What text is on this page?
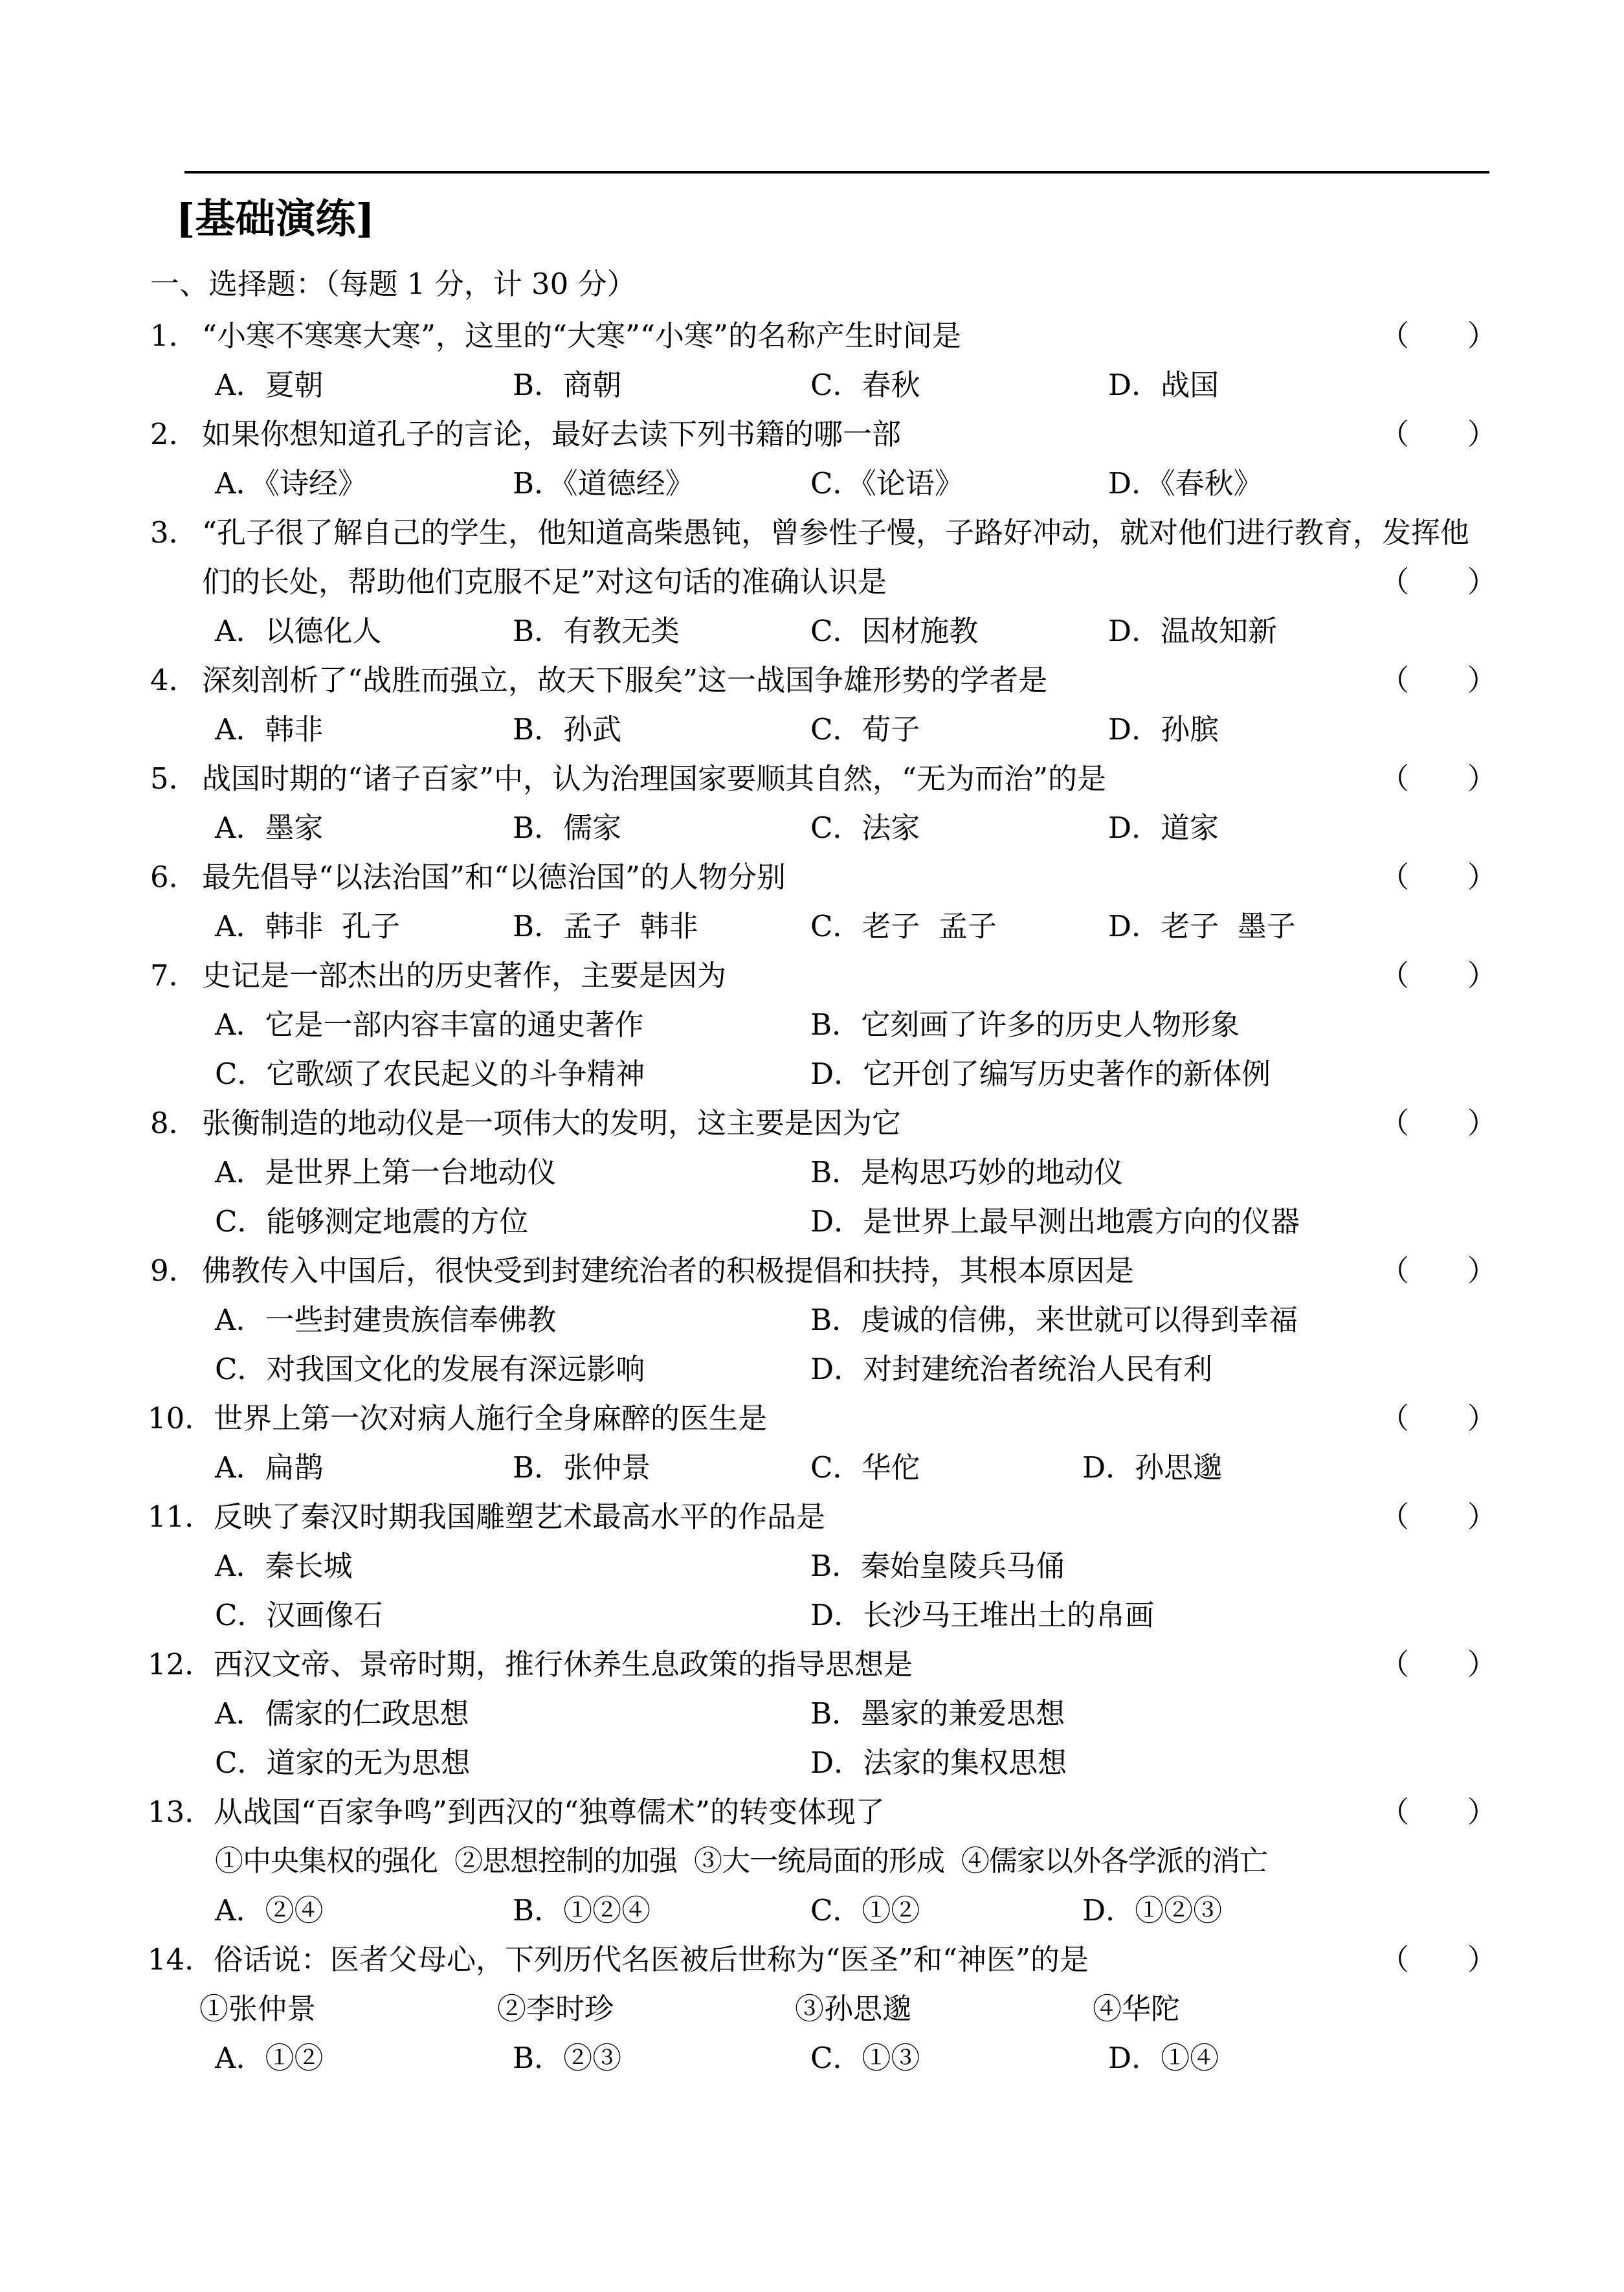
[基础演练]
一、选择题：（每题 1 分，计 30 分）
1． “小寒不寒寒大寒”，这里的“大寒”“小寒”的名称产生时间是	（　　）
A．夏朝	B．商朝	C．春秋	D．战国
2． 如果你想知道孔子的言论，最好去读下列书籍的哪一部	（　　）
A．《诗经》	B．《道德经》	C．《论语》	D．《春秋》
3． “孔子很了解自己的学生，他知道高柴愚钝，曾参性子慢，子路好冲动，就对他们进行教育，发挥他们的长处，帮助他们克服不足”对这句话的准确认识是	（　　）
A．以德化人	B．有教无类	C．因材施教	D．温故知新
4． 深刻剖析了“战胜而强立，故天下服矣”这一战国争雄形势的学者是	（　　）
A．韩非	B．孙武	C．荀子	D．孙膑
5． 战国时期的“诸子百家”中，认为治理国家要顺其自然，“无为而治”的是	（　　）
A．墨家	B．儒家	C．法家	D．道家
6． 最先倡导“以法治国”和“以德治国”的人物分别	（　　）
A．韩非  孔子	B．孟子  韩非	C．老子  孟子	D．老子  墨子
7． 史记是一部杰出的历史著作，主要是因为	（　　）
A．它是一部内容丰富的通史著作	B．它刻画了许多的历史人物形象
C．它歌颂了农民起义的斗争精神	D．它开创了编写历史著作的新体例
8． 张衡制造的地动仪是一项伟大的发明，这主要是因为它	（　　）
A．是世界上第一台地动仪	B．是构思巧妙的地动仪
C．能够测定地震的方位	D．是世界上最早测出地震方向的仪器
9． 佛教传入中国后，很快受到封建统治者的积极提倡和扶持，其根本原因是	（　　）
A．一些封建贵族信奉佛教	B．虔诚的信佛，来世就可以得到幸福
C．对我国文化的发展有深远影响	D．对封建统治者统治人民有利
10． 世界上第一次对病人施行全身麻醉的医生是	（　　）
A．扁鹊	B．张仲景	C．华佗	D．孙思邈
11． 反映了秦汉时期我国雕塑艺术最高水平的作品是	（　　）
A．秦长城	B．秦始皇陵兵马俑
C．汉画像石	D．长沙马王堆出土的帛画
12． 西汉文帝、景帝时期，推行休养生息政策的指导思想是	（　　）
A．儒家的仁政思想	B．墨家的兼爱思想
C．道家的无为思想	D．法家的集权思想
13． 从战国“百家争鸣”到西汉的“独尊儒术”的转变体现了	（　　）
①中央集权的强化  ②思想控制的加强  ③大一统局面的形成  ④儒家以外各学派的消亡
A．②④	B．①②④	C．①②	D．①②③
14． 俗话说：医者父母心，下列历代名医被后世称为“医圣”和“神医”的是	（　　）
①张仲景	②李时珍	③孙思邈	④华陀
A．①②	B．②③	C．①③	D．①④
